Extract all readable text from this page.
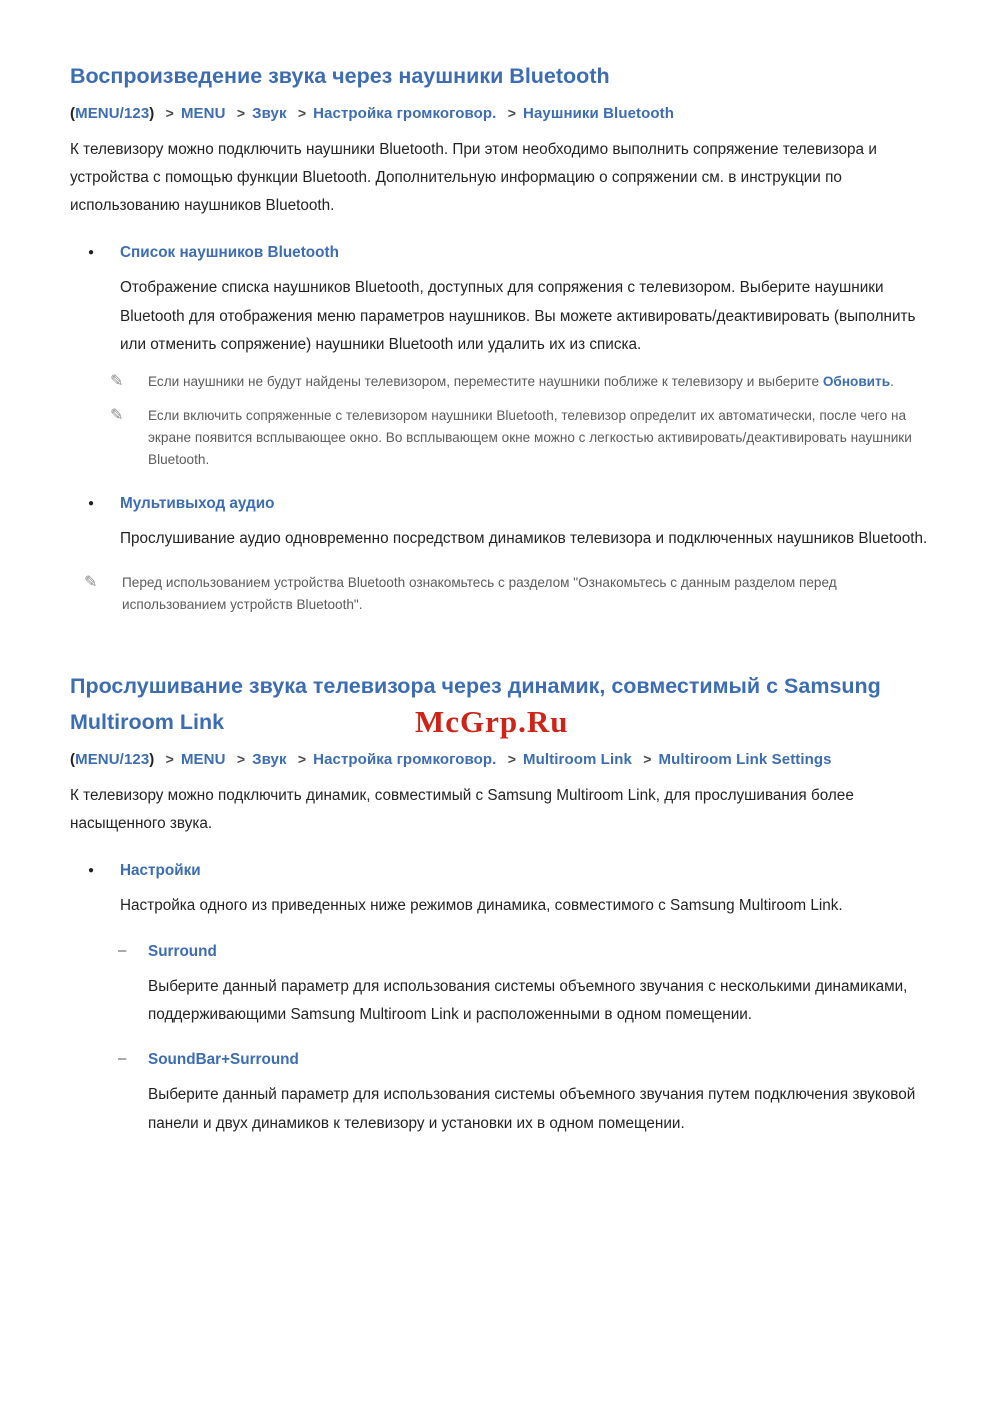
Воспроизведение звука через наушники Bluetooth
(MENU/123) > MENU > Звук > Настройка громкоговор. > Наушники Bluetooth

К телевизору можно подключить наушники Bluetooth. При этом необходимо выполнить сопряжение телевизора и устройства с помощью функции Bluetooth. Дополнительную информацию о сопряжении см. в инструкции по использованию наушников Bluetooth.

●	Список наушников Bluetooth

Отображение списка наушников Bluetooth, доступных для сопряжения с телевизором. Выберите наушники Bluetooth для отображения меню параметров наушников. Вы можете активировать/деактивировать (выполнить или отменить сопряжение) наушники Bluetooth или удалить их из списка.

✎	Если наушники не будут найдены телевизором, переместите наушники поближе к телевизору и выберите Обновить.
✎	Если включить сопряженные с телевизором наушники Bluetooth, телевизор определит их автоматически, после чего на экране появится всплывающее окно. Во всплывающем окне можно с легкостью активировать/деактивировать наушники Bluetooth.
●	Мультивыход аудио

Прослушивание аудио одновременно посредством динамиков телевизора и подключенных наушников Bluetooth.

✎	Перед использованием устройства Bluetooth ознакомьтесь с разделом "Ознакомьтесь с данным разделом перед использованием устройств Bluetooth".
Прослушивание звука телевизора через динамик, совместимый с Samsung Multiroom Link	McGrp.Ru
(MENU/123) > MENU > Звук > Настройка громкоговор. > Multiroom Link > Multiroom Link Settings

К телевизору можно подключить динамик, совместимый с Samsung Multiroom Link, для прослушивания более насыщенного звука.

●	Настройки

Настройка одного из приведенных ниже режимов динамика, совместимого с Samsung Multiroom Link.

–	Surround

Выберите данный параметр для использования системы объемного звучания с несколькими динамиками, поддерживающими Samsung Multiroom Link и расположенными в одном помещении.

–	SoundBar+Surround

Выберите данный параметр для использования системы объемного звучания путем подключения звуковой панели и двух динамиков к телевизору и установки их в одном помещении.
